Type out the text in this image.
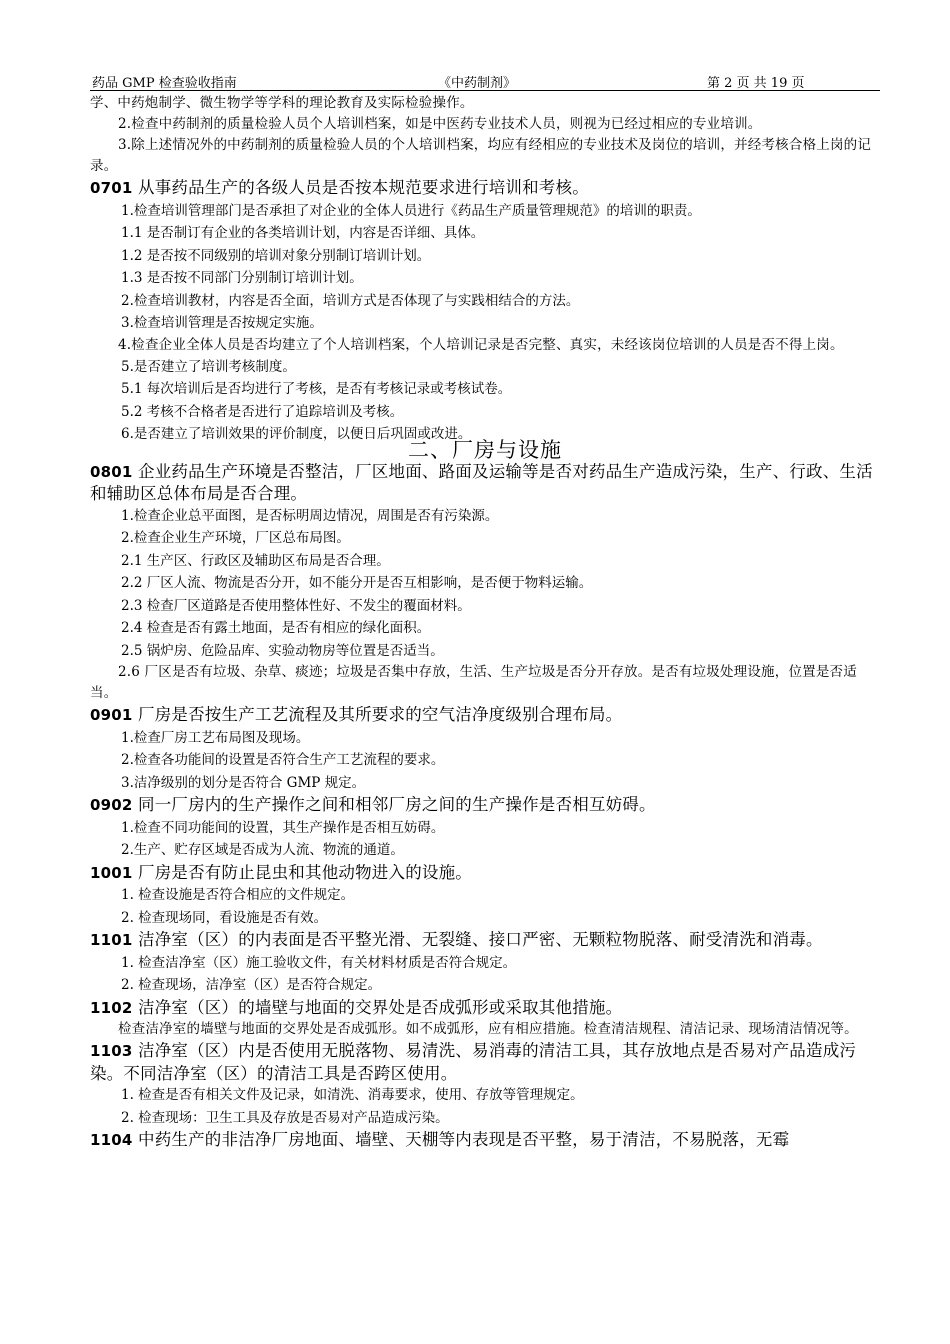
药品 GMP 检查验收指南	《中药制剂》	第 2 页 共 19 页
学、中药炮制学、微生物学等学科的理论教育及实际检验操作。
2.检查中药制剂的质量检验人员个人培训档案，如是中医药专业技术人员，则视为已经过相应的专业培训。
3.除上述情况外的中药制剂的质量检验人员的个人培训档案，均应有经相应的专业技术及岗位的培训，并经考核合格上岗的记录。
0701 从事药品生产的各级人员是否按本规范要求进行培训和考核。
1.检查培训管理部门是否承担了对企业的全体人员进行《药品生产质量管理规范》的培训的职责。
1.1 是否制订有企业的各类培训计划，内容是否详细、具体。
1.2 是否按不同级别的培训对象分别制订培训计划。
1.3 是否按不同部门分别制订培训计划。
2.检查培训教材，内容是否全面，培训方式是否体现了与实践相结合的方法。
3.检查培训管理是否按规定实施。
4.检查企业全体人员是否均建立了个人培训档案，个人培训记录是否完整、真实，未经该岗位培训的人员是否不得上岗。
5.是否建立了培训考核制度。
5.1 每次培训后是否均进行了考核，是否有考核记录或考核试卷。
5.2 考核不合格者是否进行了追踪培训及考核。
6.是否建立了培训效果的评价制度，以便日后巩固或改进。
二、厂房与设施
0801 企业药品生产环境是否整洁，厂区地面、路面及运输等是否对药品生产造成污染，生产、行政、生活和辅助区总体布局是否合理。
1.检查企业总平面图，是否标明周边情况，周围是否有污染源。
2.检查企业生产环境，厂区总布局图。
2.1 生产区、行政区及辅助区布局是否合理。
2.2 厂区人流、物流是否分开，如不能分开是否互相影响，是否便于物料运输。
2.3 检查厂区道路是否使用整体性好、不发尘的覆面材料。
2.4 检查是否有露土地面，是否有相应的绿化面积。
2.5 锅炉房、危险品库、实验动物房等位置是否适当。
2.6 厂区是否有垃圾、杂草、痰迹；垃圾是否集中存放，生活、生产垃圾是否分开存放。是否有垃圾处理设施，位置是否适当。
0901 厂房是否按生产工艺流程及其所要求的空气洁净度级别合理布局。
1.检查厂房工艺布局图及现场。
2.检查各功能间的设置是否符合生产工艺流程的要求。
3.洁净级别的划分是否符合 GMP 规定。
0902 同一厂房内的生产操作之间和相邻厂房之间的生产操作是否相互妨碍。
1.检查不同功能间的设置，其生产操作是否相互妨碍。
2.生产、贮存区域是否成为人流、物流的通道。
1001 厂房是否有防止昆虫和其他动物进入的设施。
1. 检查设施是否符合相应的文件规定。
2. 检查现场同，看设施是否有效。
1101 洁净室（区）的内表面是否平整光滑、无裂缝、接口严密、无颗粒物脱落、耐受清洗和消毒。
1. 检查洁净室（区）施工验收文件，有关材料材质是否符合规定。
2. 检查现场，洁净室（区）是否符合规定。
1102 洁净室（区）的墙壁与地面的交界处是否成弧形或采取其他措施。
检查洁净室的墙壁与地面的交界处是否成弧形。如不成弧形，应有相应措施。检查清洁规程、清洁记录、现场清洁情况等。
1103 洁净室（区）内是否使用无脱落物、易清洗、易消毒的清洁工具，其存放地点是否易对产品造成污染。不同洁净室（区）的清洁工具是否跨区使用。
1. 检查是否有相关文件及记录，如清洗、消毒要求，使用、存放等管理规定。
2. 检查现场：卫生工具及存放是否易对产品造成污染。
1104 中药生产的非洁净厂房地面、墙壁、天棚等内表现是否平整，易于清洁，不易脱落，无霉
